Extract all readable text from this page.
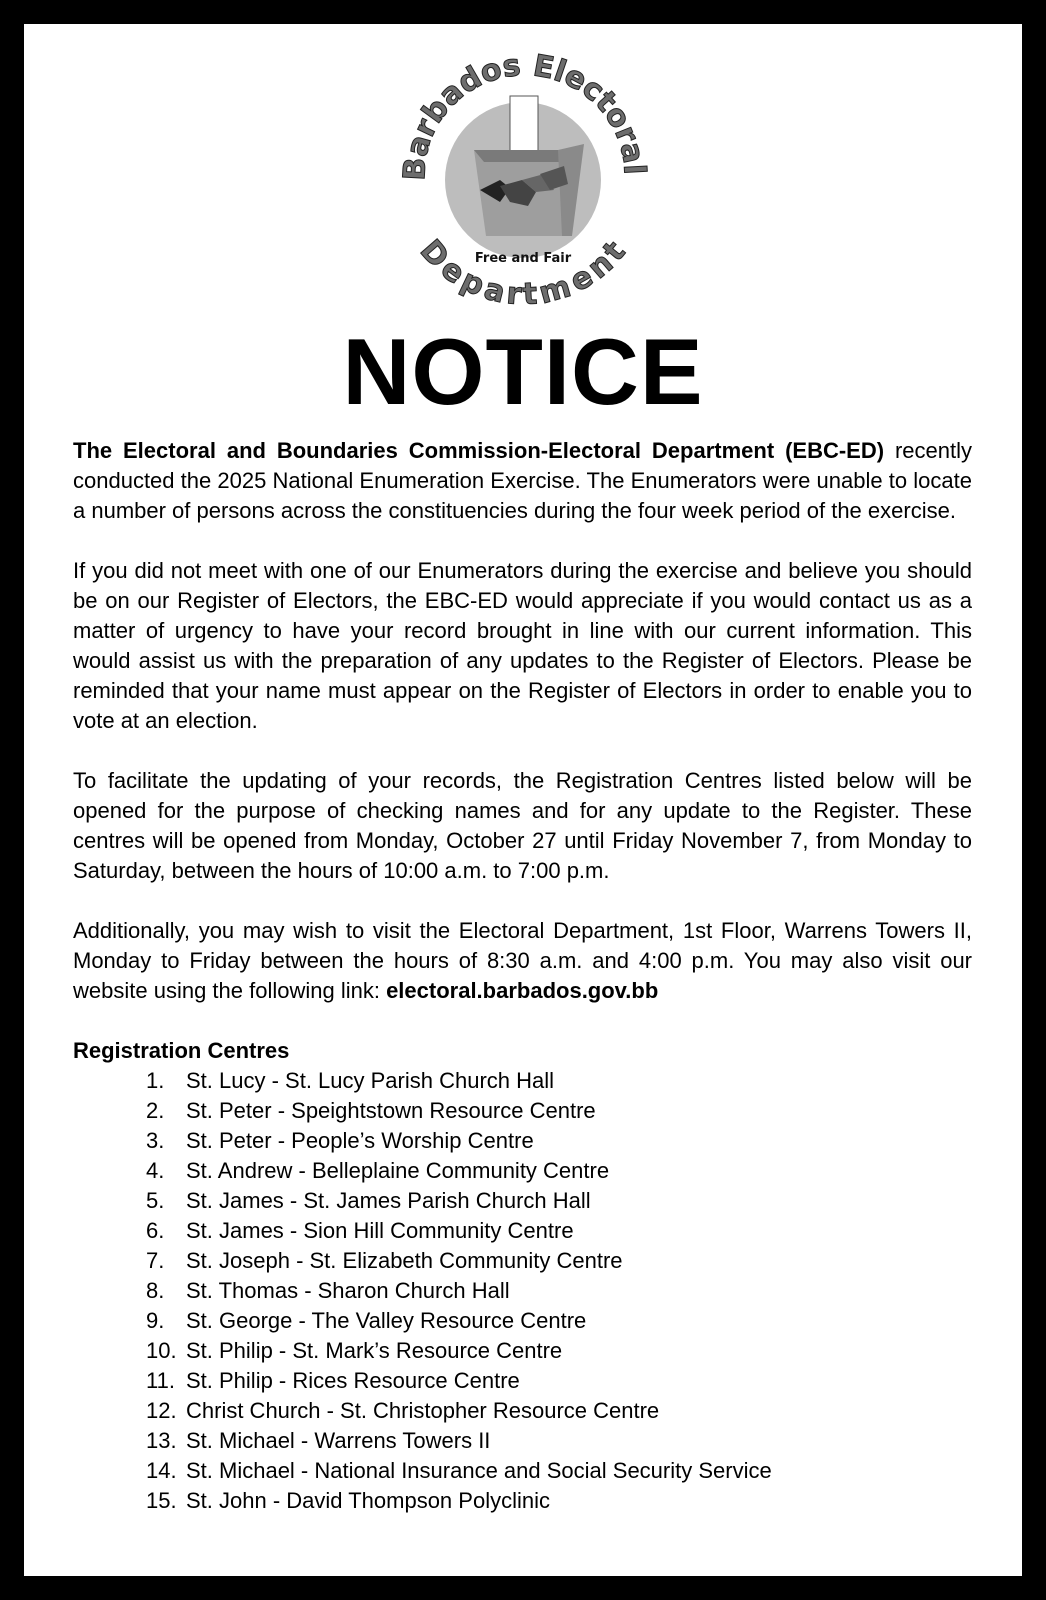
Free and Fair
Barbados Electoral
Department
NOTICE

The Electoral and Boundaries Commission-Electoral Department (EBC-ED) recently conducted the 2025 National Enumeration Exercise. The Enumerators were unable to locate a number of persons across the constituencies during the four week period of the exercise.

If you did not meet with one of our Enumerators during the exercise and believe you should be on our Register of Electors, the EBC-ED would appreciate if you would contact us as a matter of urgency to have your record brought in line with our current information. This would assist us with the preparation of any updates to the Register of Electors. Please be reminded that your name must appear on the Register of Electors in order to enable you to vote at an election.

To facilitate the updating of your records, the Registration Centres listed below will be opened for the purpose of checking names and for any update to the Register. These centres will be opened from Monday, October 27 until Friday November 7, from Monday to Saturday, between the hours of 10:00 a.m. to 7:00 p.m.

Additionally, you may wish to visit the Electoral Department, 1st Floor, Warrens Towers II, Monday to Friday between the hours of 8:30 a.m. and 4:00 p.m. You may also visit our website using the following link: electoral.barbados.gov.bb

Registration Centres
1. St. Lucy - St. Lucy Parish Church Hall
2. St. Peter - Speightstown Resource Centre
3. St. Peter - People’s Worship Centre
4. St. Andrew - Belleplaine Community Centre
5. St. James - St. James Parish Church Hall
6. St. James - Sion Hill Community Centre
7. St. Joseph - St. Elizabeth Community Centre
8. St. Thomas - Sharon Church Hall
9. St. George - The Valley Resource Centre
10. St. Philip - St. Mark’s Resource Centre
11. St. Philip - Rices Resource Centre
12. Christ Church - St. Christopher Resource Centre
13. St. Michael - Warrens Towers II
14. St. Michael - National Insurance and Social Security Service
15. St. John - David Thompson Polyclinic
